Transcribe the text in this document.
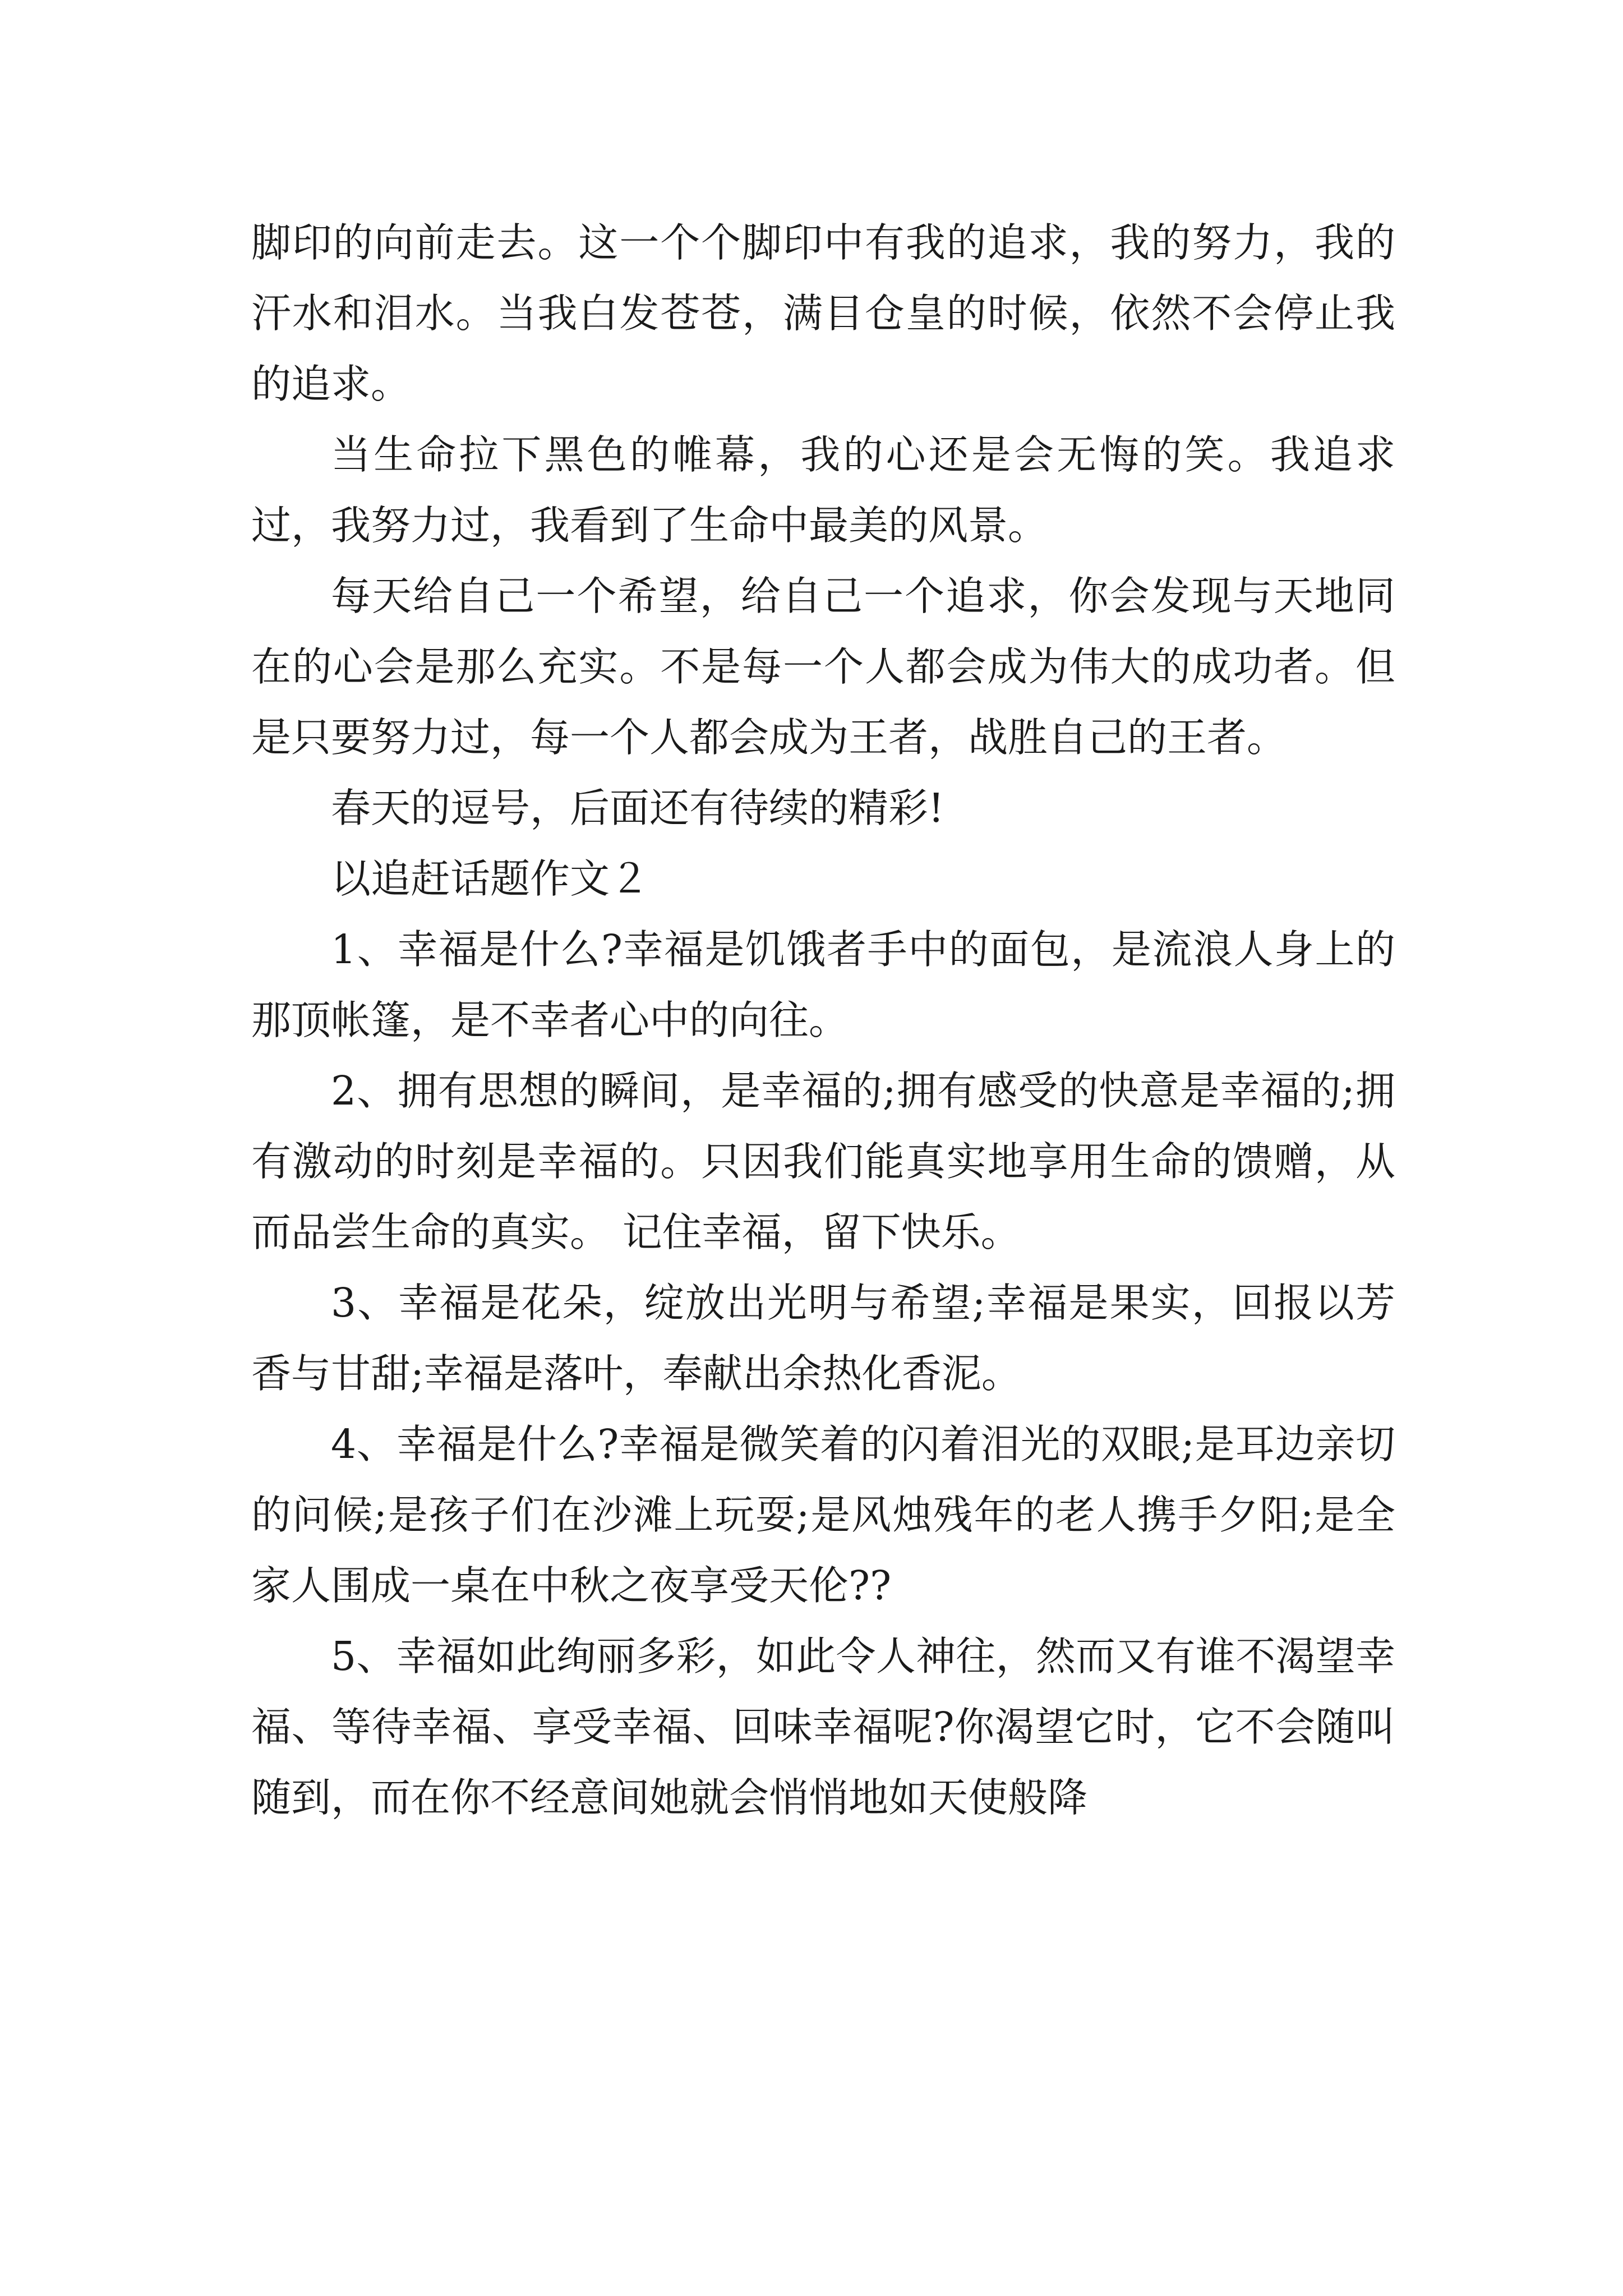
脚印的向前走去。这一个个脚印中有我的追求，我的努力，我的汗水和泪水。当我白发苍苍，满目仓皇的时候，依然不会停止我的追求。

当生命拉下黑色的帷幕，我的心还是会无悔的笑。我追求过，我努力过，我看到了生命中最美的风景。

每天给自己一个希望，给自己一个追求，你会发现与天地同在的心会是那么充实。不是每一个人都会成为伟大的成功者。但是只要努力过，每一个人都会成为王者，战胜自己的王者。

春天的逗号，后面还有待续的精彩!

以追赶话题作文２

1、幸福是什么?幸福是饥饿者手中的面包，是流浪人身上的那顶帐篷，是不幸者心中的向往。

2、拥有思想的瞬间，是幸福的;拥有感受的快意是幸福的;拥有激动的时刻是幸福的。只因我们能真实地享用生命的馈赠，从而品尝生命的真实。 记住幸福，留下快乐。

3、幸福是花朵，绽放出光明与希望;幸福是果实，回报以芳香与甘甜;幸福是落叶，奉献出余热化香泥。

4、幸福是什么?幸福是微笑着的闪着泪光的双眼;是耳边亲切的问候;是孩子们在沙滩上玩耍;是风烛残年的老人携手夕阳;是全家人围成一桌在中秋之夜享受天伦??

5、幸福如此绚丽多彩，如此令人神往，然而又有谁不渴望幸福、等待幸福、享受幸福、回味幸福呢?你渴望它时，它不会随叫随到，而在你不经意间她就会悄悄地如天使般降
